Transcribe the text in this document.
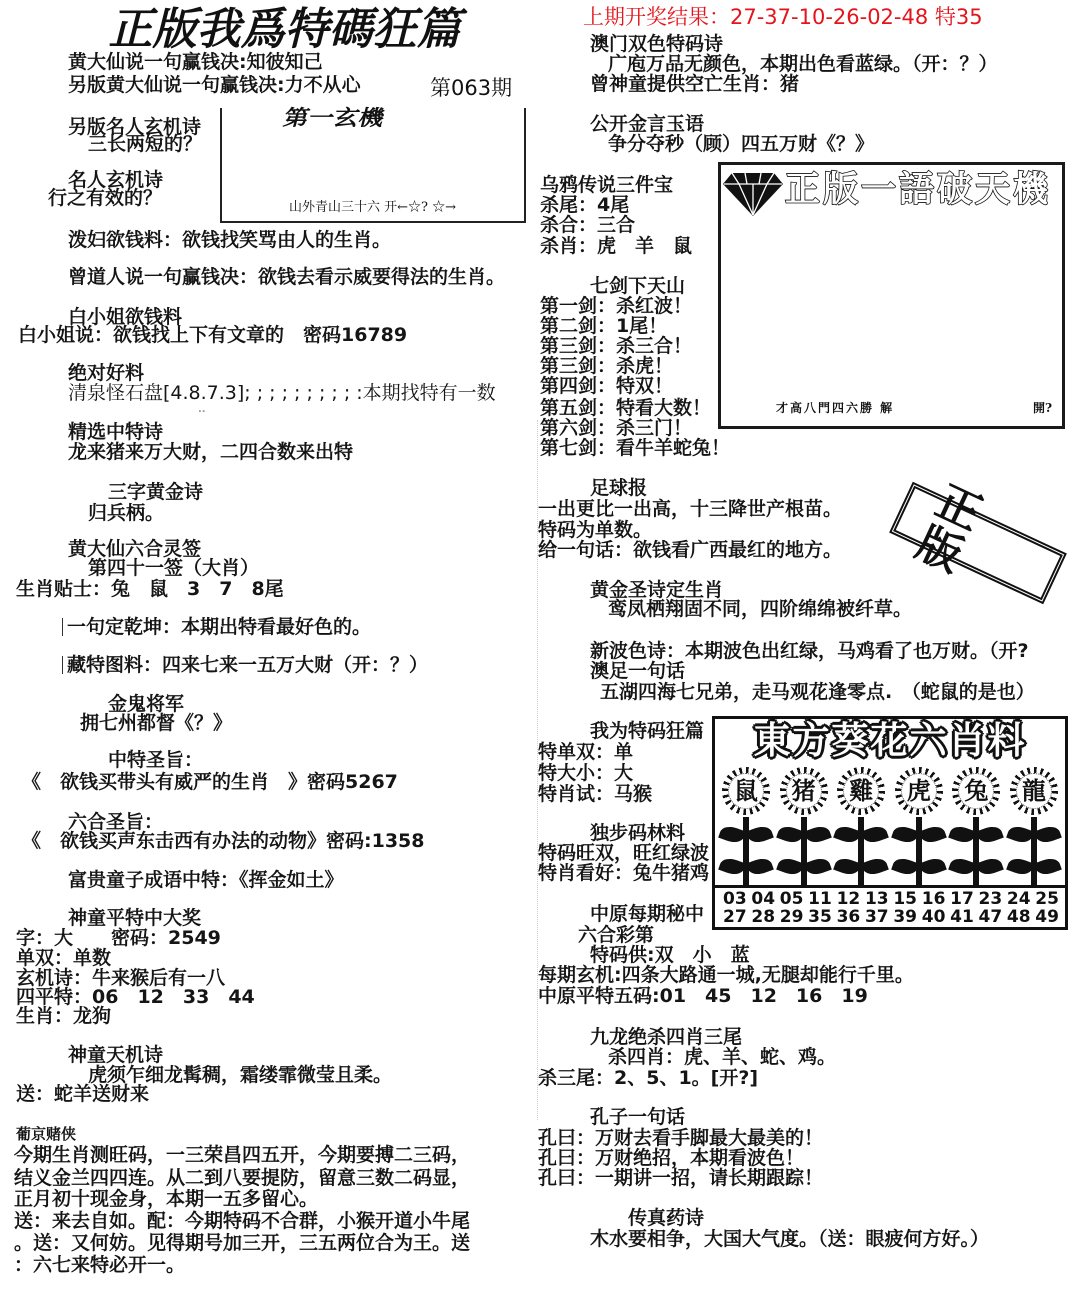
正版我爲特碼狂篇
第063期
上期开奖结果：27-37-10-26-02-48 特35
黄大仙说一句赢钱决:知彼知己
另版黄大仙说一句赢钱决:力不从心
另版名人玄机诗
三长两短的？
名人玄机诗
行之有效的？
第一玄機
山外青山三十六 开←☆? ☆→
泼妇欲钱料：欲钱找笑骂由人的生肖。
曾道人说一句赢钱决：欲钱去看示威要得法的生肖。
白小姐欲钱料
白小姐说：欲钱找上下有文章的　密码16789
绝对好料
清泉怪石盘[4.8.7.3]; ; ; ; ; ; ; ; ; :本期找特有一数
..
精选中特诗
龙来猪来万大财，二四合数来出特
三字黄金诗
归兵柄。
黄大仙六合灵签
第四十一签（大肖）
生肖贴士：兔　鼠　3　7　8尾
一句定乾坤：本期出特看最好色的。
藏特图料：四来七来一五万大财（开：？）
金鬼将军
拥七州都督《？》
中特圣旨：
《　欲钱买带头有威严的生肖　》密码5267
六合圣旨：
《　欲钱买声东击西有办法的动物》密码:1358
富贵童子成语中特：《挥金如土》
神童平特中大奖
字：大　　密码：2549
单双：单数
玄机诗：牛来猴后有一八
四平特：06　12　33　44
生肖：龙狗
神童天机诗
虎须乍细龙髯稠，霜缕霏微莹且柔。
送：蛇羊送财来
葡京赌侠
今期生肖测旺码，一三荣昌四五开，今期要搏二三码，
结义金兰四四连。从二到八要提防，留意三数二码显，
正月初十现金身，本期一五多留心。
送：来去自如。配：今期特码不合群，小猴开道小牛尾
。送：又何妨。见得期号加三开，三五两位合为王。送
：六七来特必开一。
澳门双色特码诗
广庖万品无颜色，本期出色看蓝绿。（开：？）
曾神童提供空亡生肖：猪
公开金言玉语
争分夺秒（顾）四五万财《？》
乌鸦传说三件宝
杀尾：4尾
杀合：三合
杀肖：虎　羊　鼠
七剑下天山
第一剑：杀红波！
第二剑：1尾！
第三剑：杀三合！
第三剑：杀虎！
第四剑：特双！
第五剑：特看大数！
第六剑：杀三门！
第七剑：看牛羊蛇兔！
正版一語破天機
才高八門四六勝 解	開?
足球报
一出更比一出高，十三降世产根苗。
特码为单数。
给一句话：欲钱看广西最红的地方。	正版
黄金圣诗定生肖
鸾凤栖翔固不同，四阶绵绵被纤草。
新波色诗：本期波色出红绿，马鸡看了也万财。（开?
澳足一句话
五湖四海七兄弟，走马观花逢零点.　（蛇鼠的是也）
我为特码狂篇
特单双：单
特大小：大
特肖试：马猴
独步码林料
特码旺双，旺红绿波
特肖看好：兔牛猪鸡
東方葵花六肖料
鼠 猪 雞 虎 兔 龍
03 04 05 11 12 13 15 16 17 23 24 25
27 28 29 35 36 37 39 40 41 47 48 49
中原每期秘中
六合彩第
特码供:双　小　蓝
每期玄机:四条大路通一城,无腿却能行千里。
中原平特五码:01　45　12　16　19
九龙绝杀四肖三尾
杀四肖：虎、羊、蛇、鸡。
杀三尾：2、5、1。[开?]
孔子一句话
孔曰：万财去看手脚最大最美的！
孔曰：万财绝招，本期看波色！
孔曰：一期讲一招，请长期跟踪！
传真药诗
木水要相争，大国大气度。（送：眼疲何方好。）
